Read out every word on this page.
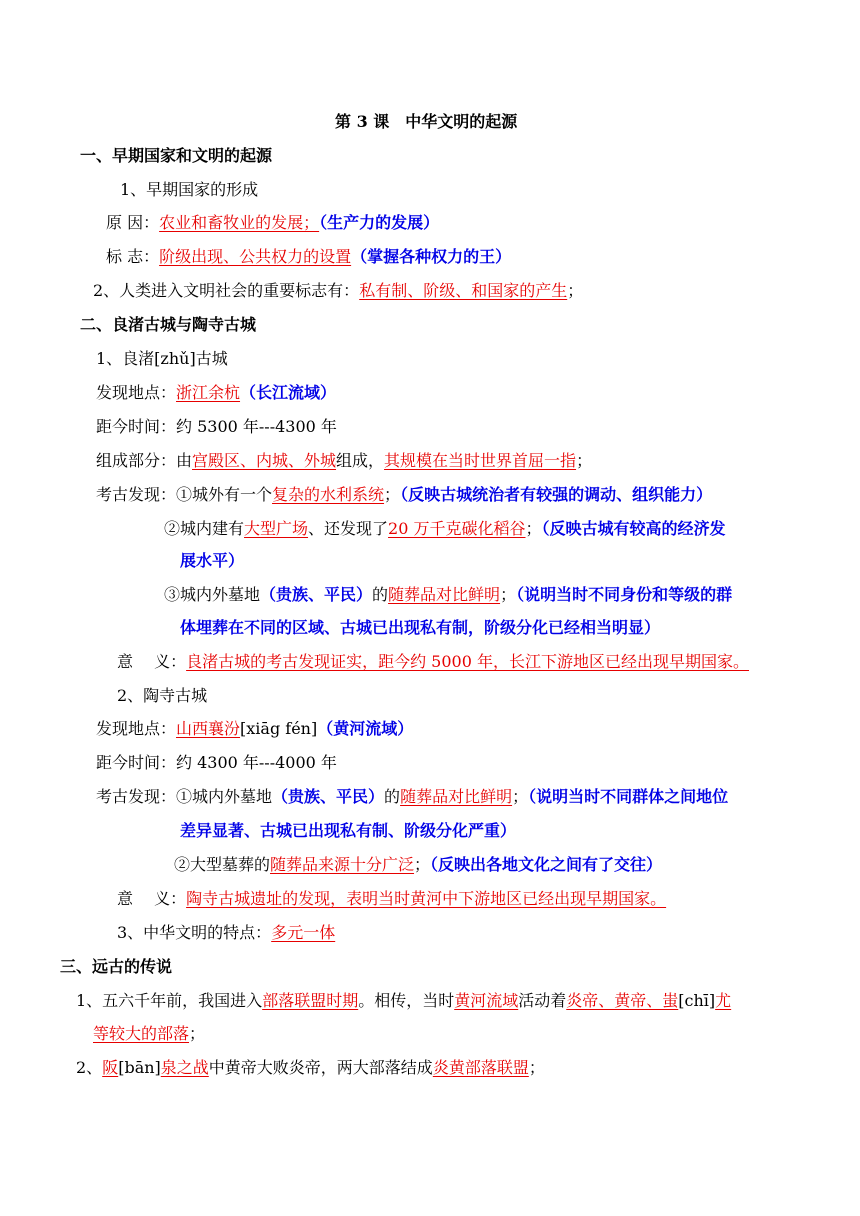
第 3 课　中华文明的起源
一、早期国家和文明的起源
1、早期国家的形成
原 因：农业和畜牧业的发展；（生产力的发展）
标 志：阶级出现、公共权力的设置（掌握各种权力的王）
2、人类进入文明社会的重要标志有：私有制、阶级、和国家的产生；
二、良渚古城与陶寺古城
1、良渚[zhǔ]古城
发现地点：浙江余杭（长江流域）
距今时间：约 5300 年---4300 年
组成部分：由宫殿区、内城、外城组成，其规模在当时世界首屈一指；
考古发现：①城外有一个复杂的水利系统；（反映古城统治者有较强的调动、组织能力）
②城内建有大型广场、还发现了20 万千克碳化稻谷；（反映古城有较高的经济发
展水平）
③城内外墓地（贵族、平民）的随葬品对比鲜明；（说明当时不同身份和等级的群
体埋葬在不同的区域、古城已出现私有制，阶级分化已经相当明显）
意　 义：良渚古城的考古发现证实，距今约 5000 年，长江下游地区已经出现早期国家。
2、陶寺古城
发现地点：山西襄汾[xiāg fén]（黄河流域）
距今时间：约 4300 年---4000 年
考古发现：①城内外墓地（贵族、平民）的随葬品对比鲜明；（说明当时不同群体之间地位
差异显著、古城已出现私有制、阶级分化严重）
②大型墓葬的随葬品来源十分广泛；（反映出各地文化之间有了交往）
意　 义：陶寺古城遗址的发现，表明当时黄河中下游地区已经出现早期国家。
3、中华文明的特点：多元一体
三、远古的传说
1、五六千年前，我国进入部落联盟时期。相传，当时黄河流域活动着炎帝、黄帝、蚩[chī]尤
等较大的部落；
2、阪[bān]泉之战中黄帝大败炎帝，两大部落结成炎黄部落联盟；
